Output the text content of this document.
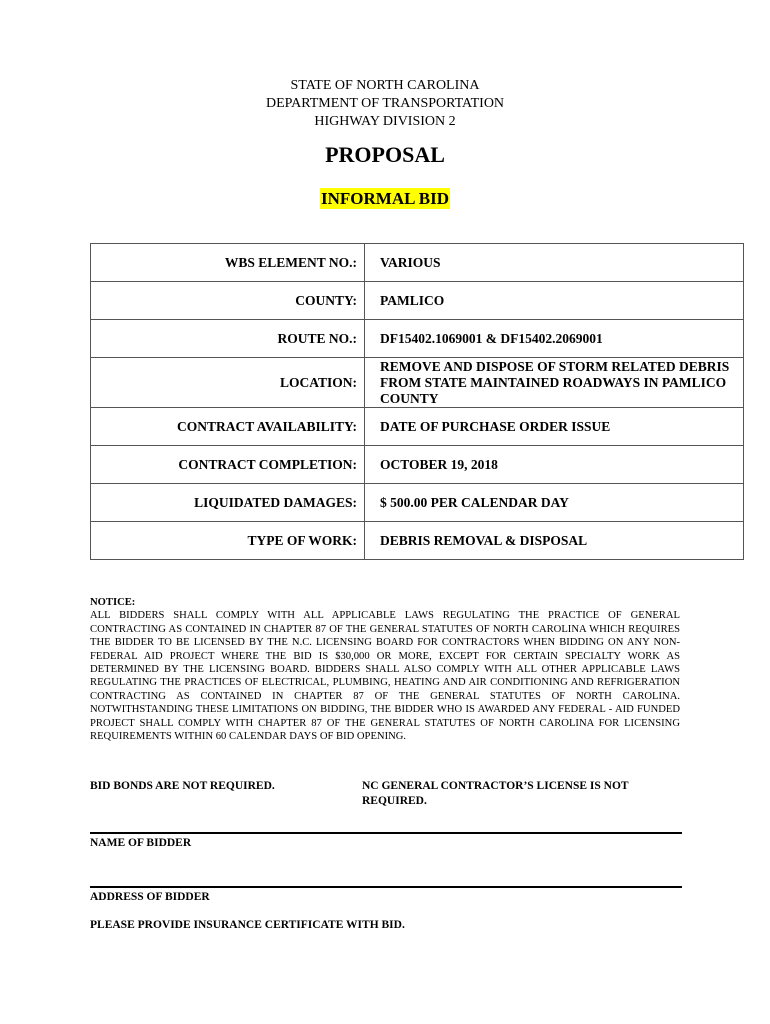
STATE OF NORTH CAROLINA
DEPARTMENT OF TRANSPORTATION
HIGHWAY DIVISION 2
PROPOSAL
INFORMAL BID
WBS ELEMENT NO.:	VARIOUS
COUNTY:	PAMLICO
ROUTE NO.:	DF15402.1069001 & DF15402.2069001
LOCATION:	REMOVE AND DISPOSE OF STORM RELATED DEBRIS FROM STATE MAINTAINED ROADWAYS IN PAMLICO COUNTY
CONTRACT AVAILABILITY:	DATE OF PURCHASE ORDER ISSUE
CONTRACT COMPLETION:	OCTOBER 19, 2018
LIQUIDATED DAMAGES:	$ 500.00 PER CALENDAR DAY
TYPE OF WORK:	DEBRIS REMOVAL & DISPOSAL
NOTICE:
ALL BIDDERS SHALL COMPLY WITH ALL APPLICABLE LAWS REGULATING THE PRACTICE OF GENERAL CONTRACTING AS CONTAINED IN CHAPTER 87 OF THE GENERAL STATUTES OF NORTH CAROLINA WHICH REQUIRES THE BIDDER TO BE LICENSED BY THE N.C. LICENSING BOARD FOR CONTRACTORS WHEN BIDDING ON ANY NON-FEDERAL AID PROJECT WHERE THE BID IS $30,000 OR MORE, EXCEPT FOR CERTAIN SPECIALTY WORK AS DETERMINED BY THE LICENSING BOARD. BIDDERS SHALL ALSO COMPLY WITH ALL OTHER APPLICABLE LAWS REGULATING THE PRACTICES OF ELECTRICAL, PLUMBING, HEATING AND AIR CONDITIONING AND REFRIGERATION CONTRACTING AS CONTAINED IN CHAPTER 87 OF THE GENERAL STATUTES OF NORTH CAROLINA. NOTWITHSTANDING THESE LIMITATIONS ON BIDDING, THE BIDDER WHO IS AWARDED ANY FEDERAL - AID FUNDED PROJECT SHALL COMPLY WITH CHAPTER 87 OF THE GENERAL STATUTES OF NORTH CAROLINA FOR LICENSING REQUIREMENTS WITHIN 60 CALENDAR DAYS OF BID OPENING.
BID BONDS ARE NOT REQUIRED.	NC GENERAL CONTRACTOR’S LICENSE IS NOT REQUIRED.
NAME OF BIDDER
ADDRESS OF BIDDER
PLEASE PROVIDE INSURANCE CERTIFICATE WITH BID.
